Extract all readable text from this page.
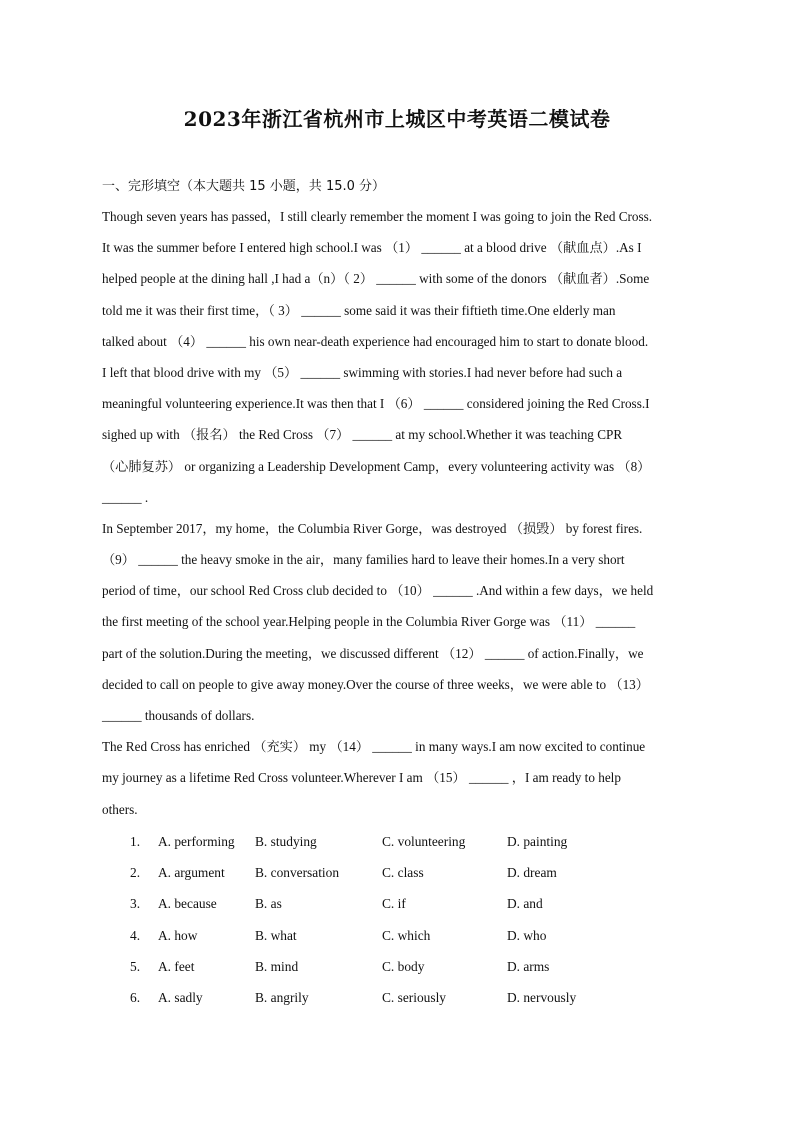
2023年浙江省杭州市上城区中考英语二模试卷
一、完形填空（本大题共 15 小题，共 15.0 分）
Though seven years has passed，I still clearly remember the moment I was going to join the Red Cross.
It was the summer before I entered high school.I was （1） ______ at a blood drive （献血点）.As I
helped people at the dining hall ,I had a（n）（ 2） ______ with some of the donors （献血者）.Some
told me it was their first time，（ 3） ______ some said it was their fiftieth time.One elderly man
talked about （4） ______ his own near-death experience had encouraged him to start to donate blood.
I left that blood drive with my （5） ______ swimming with stories.I had never before had such a
meaningful volunteering experience.It was then that I （6） ______ considered joining the Red Cross.I
sighed up with （报名） the Red Cross （7） ______ at my school.Whether it was teaching CPR
（心肺复苏） or organizing a Leadership Development Camp，every volunteering activity was （8）
______ .
In September 2017，my home，the Columbia River Gorge，was destroyed （损毁） by forest fires.
（9） ______ the heavy smoke in the air，many families hard to leave their homes.In a very short
period of time，our school Red Cross club decided to （10） ______ .And within a few days，we held
the first meeting of the school year.Helping people in the Columbia River Gorge was （11） ______
part of the solution.During the meeting，we discussed different （12） ______ of action.Finally，we
decided to call on people to give away money.Over the course of three weeks，we were able to （13）
______ thousands of dollars.
The Red Cross has enriched （充实） my （14） ______ in many ways.I am now excited to continue
my journey as a lifetime Red Cross volunteer.Wherever I am （15） ______ ，I am ready to help
others.
1. A. performing B. studying	C. volunteering	D. painting
2. A. argument B. conversation	C. class	D. dream
3. A. because	B. as	C. if	D. and
4. A. how	B. what	C. which	D. who
5. A. feet	B. mind	C. body	D. arms
6. A. sadly	B. angrily	C. seriously	D. nervously
